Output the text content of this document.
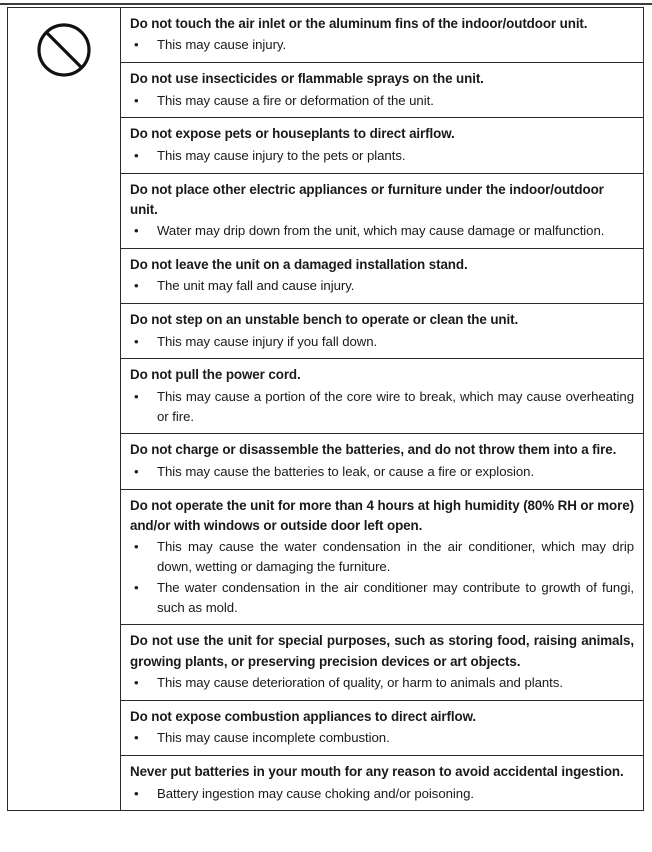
Do not touch the air inlet or the aluminum fins of the indoor/outdoor unit.

• This may cause injury.

Do not use insecticides or flammable sprays on the unit.

• This may cause a fire or deformation of the unit.

Do not expose pets or houseplants to direct airflow.

• This may cause injury to the pets or plants.

Do not place other electric appliances or furniture under the indoor/outdoor unit.

• Water may drip down from the unit, which may cause damage or malfunction.

Do not leave the unit on a damaged installation stand.

• The unit may fall and cause injury.

Do not step on an unstable bench to operate or clean the unit.

• This may cause injury if you fall down.

Do not pull the power cord.

• This may cause a portion of the core wire to break, which may cause overheating or fire.

Do not charge or disassemble the batteries, and do not throw them into a fire.

• This may cause the batteries to leak, or cause a fire or explosion.

Do not operate the unit for more than 4 hours at high humidity (80% RH or more) and/or with windows or outside door left open.

• This may cause the water condensation in the air conditioner, which may drip down, wetting or damaging the furniture.
• The water condensation in the air conditioner may contribute to growth of fungi, such as mold.

Do not use the unit for special purposes, such as storing food, raising animals, growing plants, or preserving precision devices or art objects.

• This may cause deterioration of quality, or harm to animals and plants.

Do not expose combustion appliances to direct airflow.

• This may cause incomplete combustion.

Never put batteries in your mouth for any reason to avoid accidental ingestion.

• Battery ingestion may cause choking and/or poisoning.
